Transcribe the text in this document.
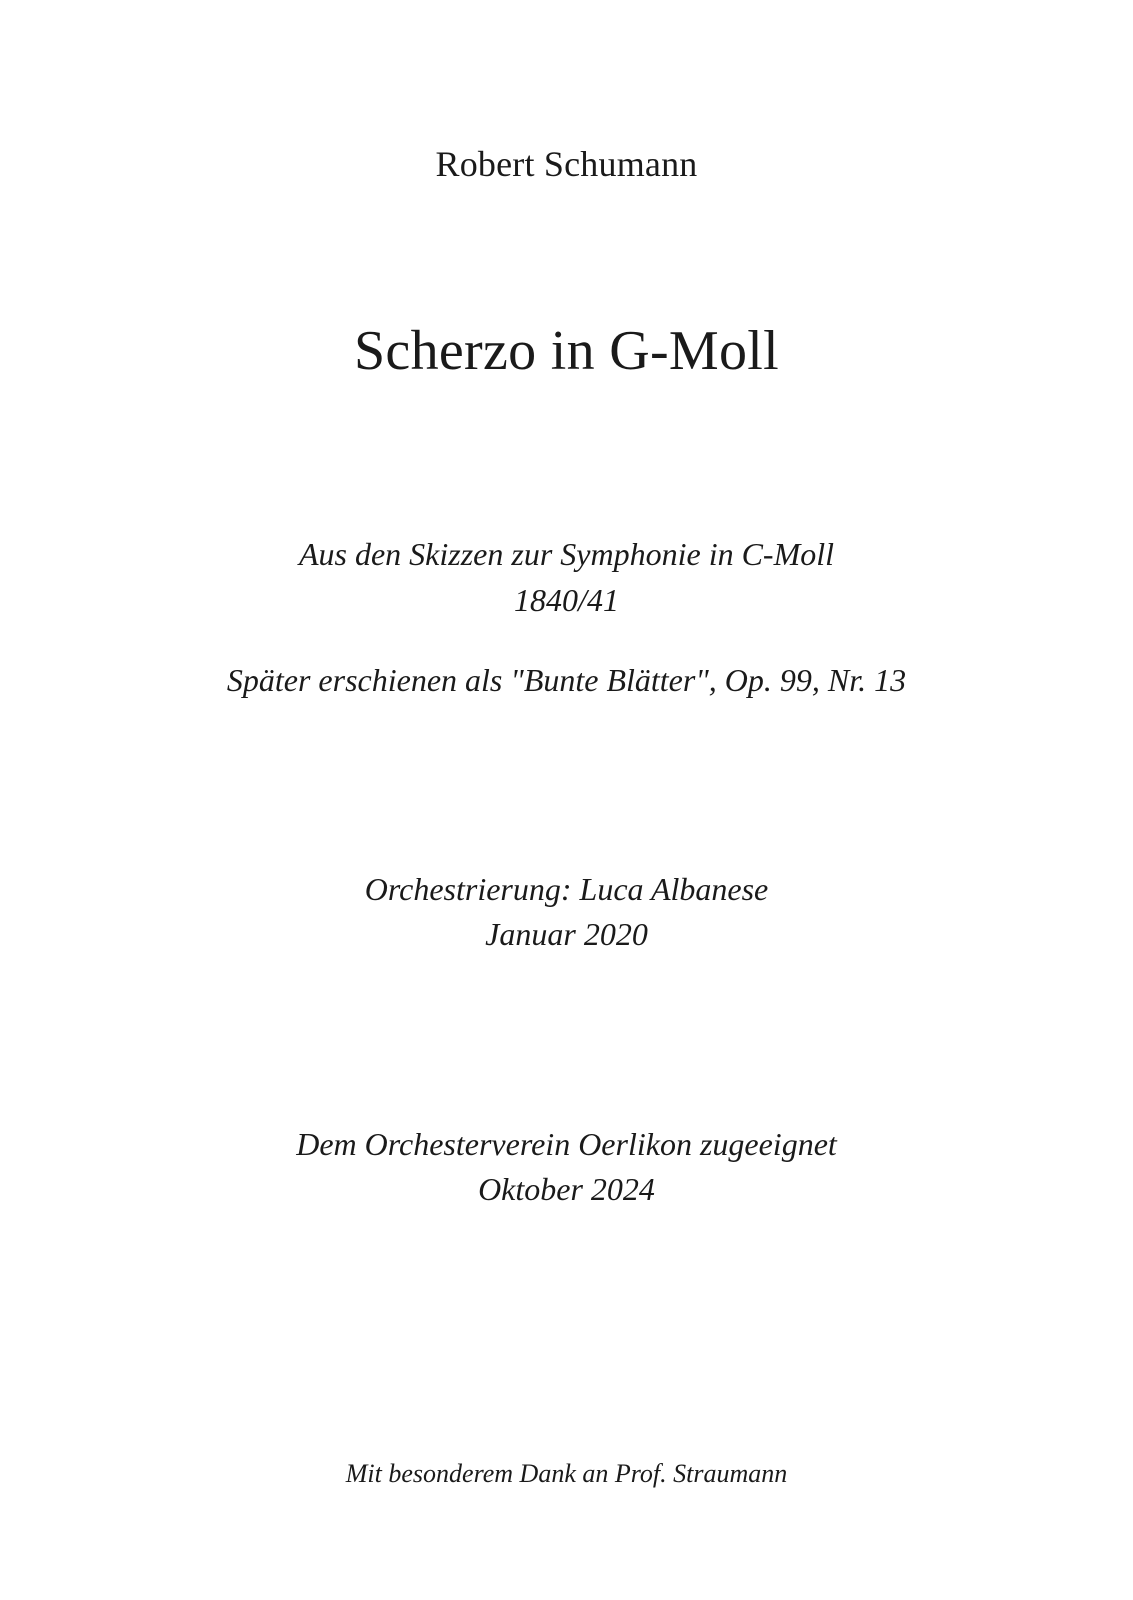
Robert Schumann
Scherzo in G-Moll
Aus den Skizzen zur Symphonie in C-Moll
1840/41
Später erschienen als "Bunte Blätter", Op. 99, Nr. 13
Orchestrierung: Luca Albanese
Januar 2020
Dem Orchesterverein Oerlikon zugeeignet
Oktober 2024
Mit besonderem Dank an Prof. Straumann
